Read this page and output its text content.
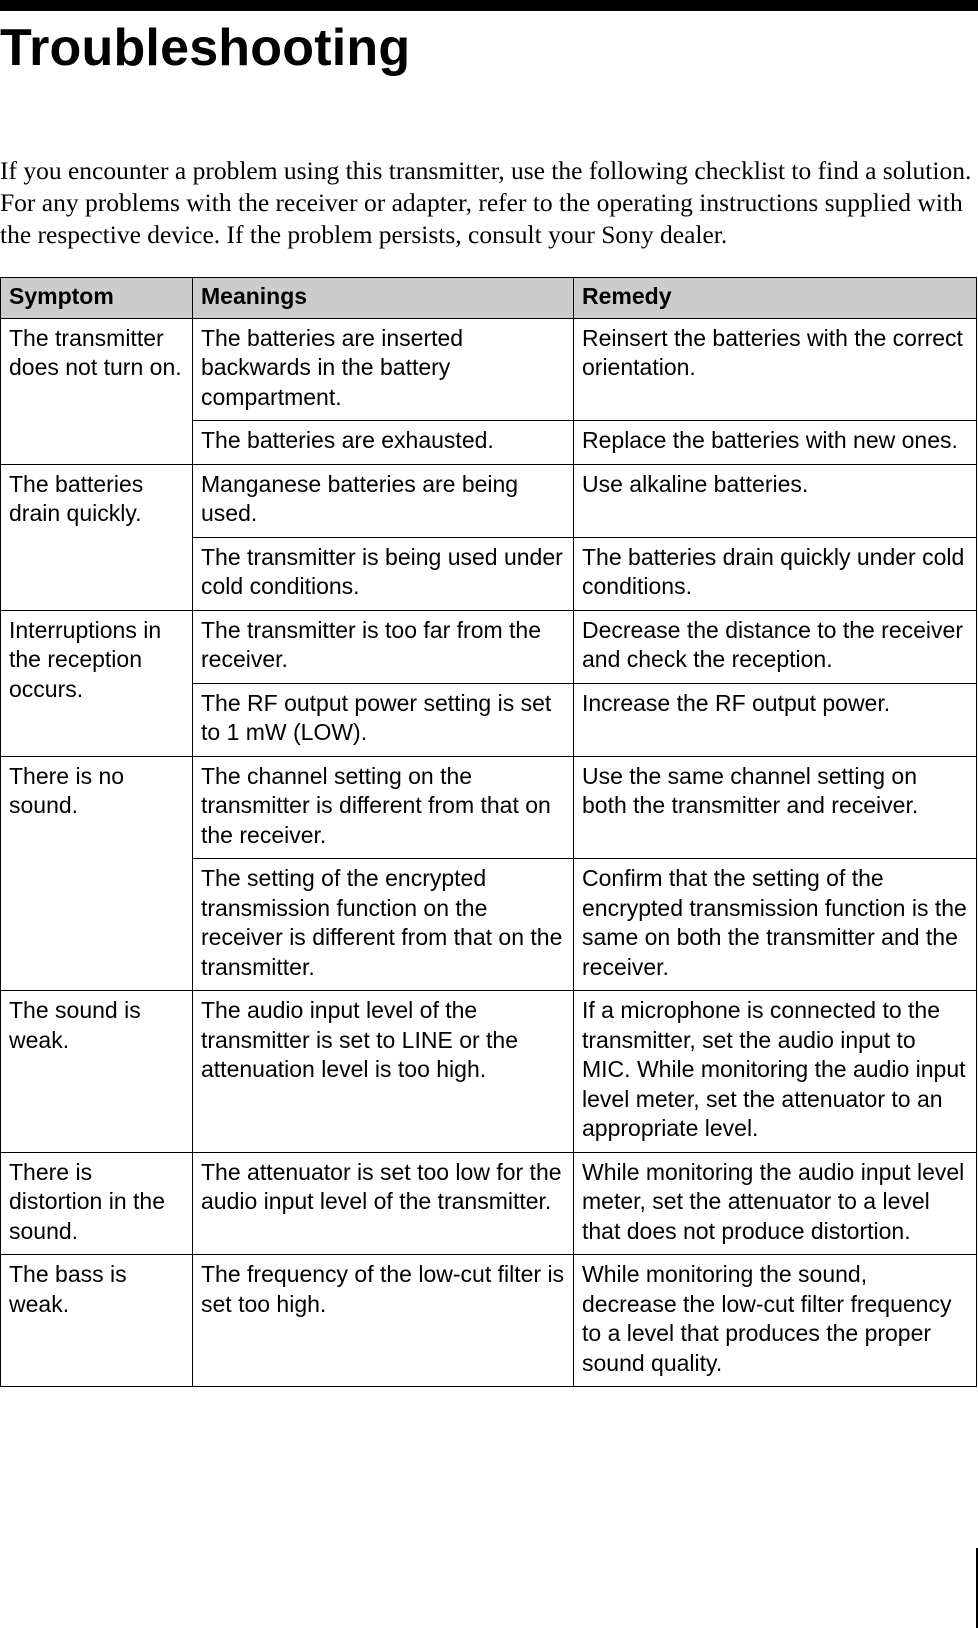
Troubleshooting

If you encounter a problem using this transmitter, use the following checklist to find a solution. For any problems with the receiver or adapter, refer to the operating instructions supplied with the respective device. If the problem persists, consult your Sony dealer.

Symptom	Meanings	Remedy
The transmitter does not turn on.	The batteries are inserted backwards in the battery compartment.	Reinsert the batteries with the correct orientation.
	The batteries are exhausted.	Replace the batteries with new ones.
The batteries drain quickly.	Manganese batteries are being used.	Use alkaline batteries.
	The transmitter is being used under cold conditions.	The batteries drain quickly under cold conditions.
Interruptions in the reception occurs.	The transmitter is too far from the receiver.	Decrease the distance to the receiver and check the reception.
	The RF output power setting is set to 1 mW (LOW).	Increase the RF output power.
There is no sound.	The channel setting on the transmitter is different from that on the receiver.	Use the same channel setting on both the transmitter and receiver.
	The setting of the encrypted transmission function on the receiver is different from that on the transmitter.	Confirm that the setting of the encrypted transmission function is the same on both the transmitter and the receiver.
The sound is weak.	The audio input level of the transmitter is set to LINE or the attenuation level is too high.	If a microphone is connected to the transmitter, set the audio input to MIC. While monitoring the audio input level meter, set the attenuator to an appropriate level.
There is distortion in the sound.	The attenuator is set too low for the audio input level of the transmitter.	While monitoring the audio input level meter, set the attenuator to a level that does not produce distortion.
The bass is weak.	The frequency of the low-cut filter is set too high.	While monitoring the sound, decrease the low-cut filter frequency to a level that produces the proper sound quality.
